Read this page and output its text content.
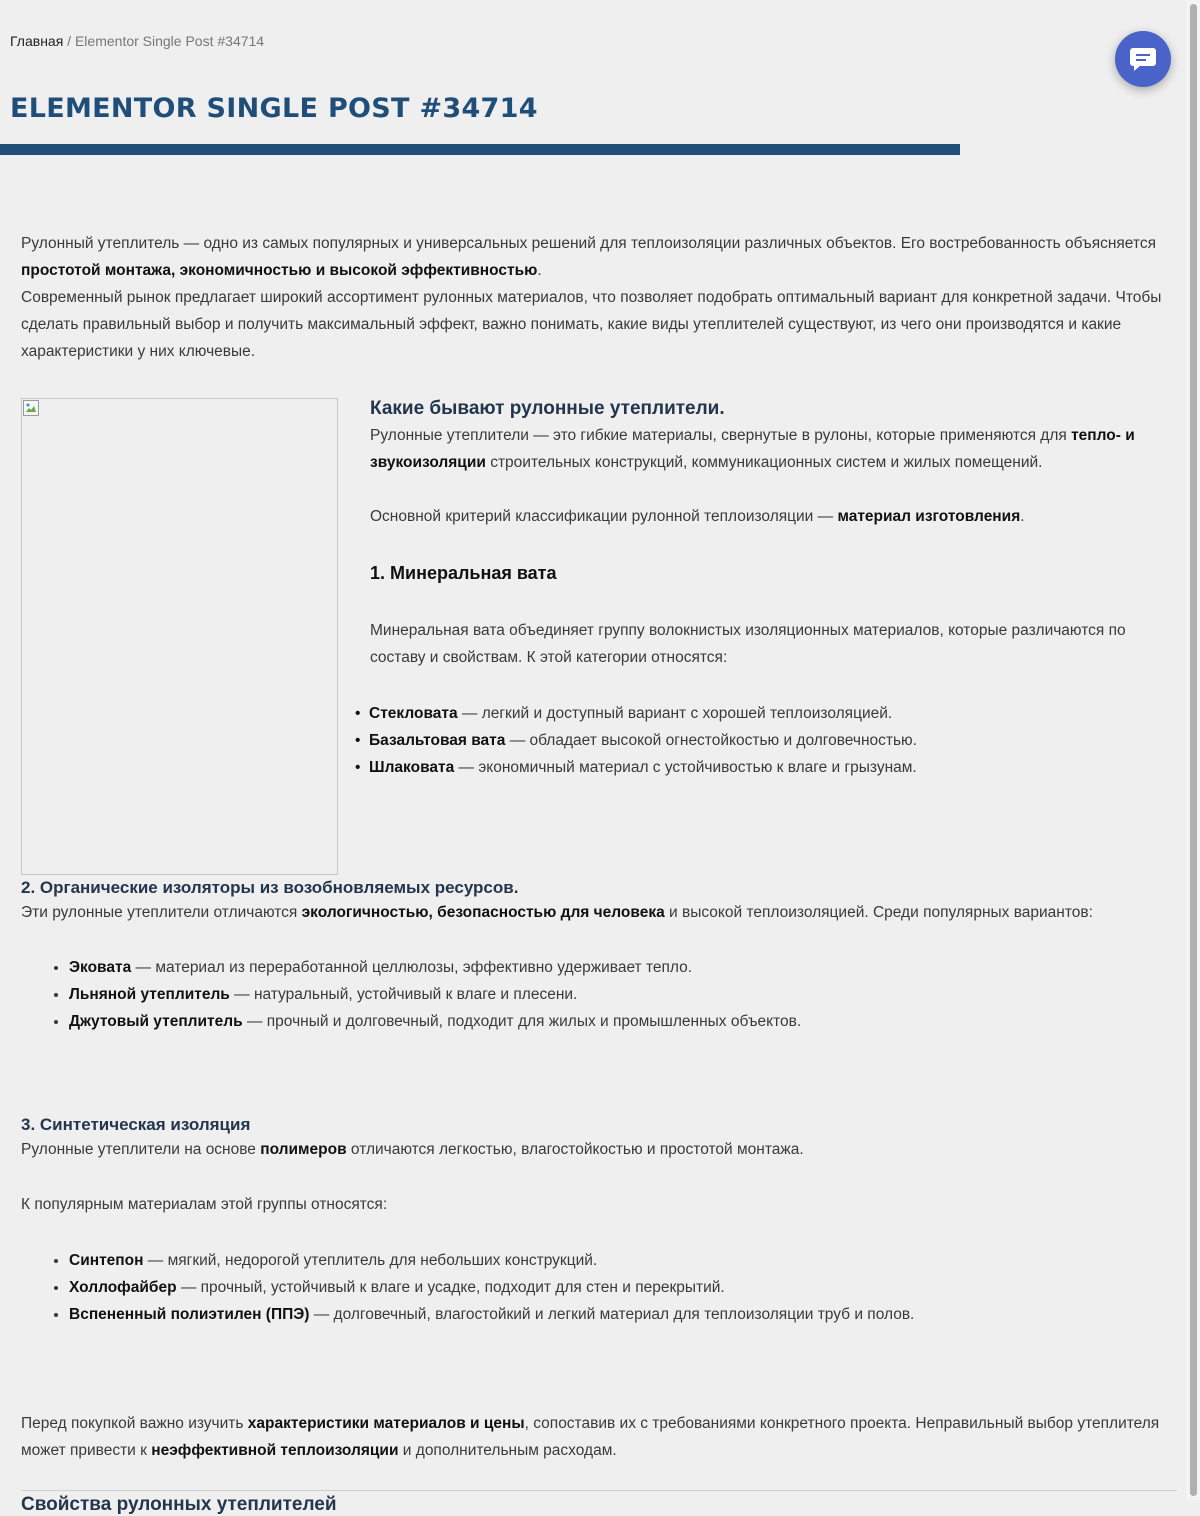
Главная / Elementor Single Post #34714
ELEMENTOR SINGLE POST #34714

Рулонный утеплитель — одно из самых популярных и универсальных решений для теплоизоляции различных объектов. Его востребованность объясняется простотой монтажа, экономичностью и высокой эффективностью.

Современный рынок предлагает широкий ассортимент рулонных материалов, что позволяет подобрать оптимальный вариант для конкретной задачи. Чтобы сделать правильный выбор и получить максимальный эффект, важно понимать, какие виды утеплителей существуют, из чего они производятся и какие характеристики у них ключевые.

Какие бывают рулонные утеплители.

Рулонные утеплители — это гибкие материалы, свернутые в рулоны, которые применяются для тепло- и звукоизоляции строительных конструкций, коммуникационных систем и жилых помещений.

Основной критерий классификации рулонной теплоизоляции — материал изготовления.

1. Минеральная вата

Минеральная вата объединяет группу волокнистых изоляционных материалов, которые различаются по составу и свойствам. К этой категории относятся:

• Стекловата — легкий и доступный вариант с хорошей теплоизоляцией.
• Базальтовая вата — обладает высокой огнестойкостью и долговечностью.
• Шлаковата — экономичный материал с устойчивостью к влаге и грызунам.
2. Органические изоляторы из возобновляемых ресурсов.

Эти рулонные утеплители отличаются экологичностью, безопасностью для человека и высокой теплоизоляцией. Среди популярных вариантов:

• Эковата — материал из переработанной целлюлозы, эффективно удерживает тепло.
• Льняной утеплитель — натуральный, устойчивый к влаге и плесени.
• Джутовый утеплитель — прочный и долговечный, подходит для жилых и промышленных объектов.
3. Синтетическая изоляция

Рулонные утеплители на основе полимеров отличаются легкостью, влагостойкостью и простотой монтажа.

К популярным материалам этой группы относятся:

• Синтепон — мягкий, недорогой утеплитель для небольших конструкций.
• Холлофайбер — прочный, устойчивый к влаге и усадке, подходит для стен и перекрытий.
• Вспененный полиэтилен (ППЭ) — долговечный, влагостойкий и легкий материал для теплоизоляции труб и полов.

Перед покупкой важно изучить характеристики материалов и цены, сопоставив их с требованиями конкретного проекта. Неправильный выбор утеплителя может привести к неэффективной теплоизоляции и дополнительным расходам.

Свойства рулонных утеплителей
